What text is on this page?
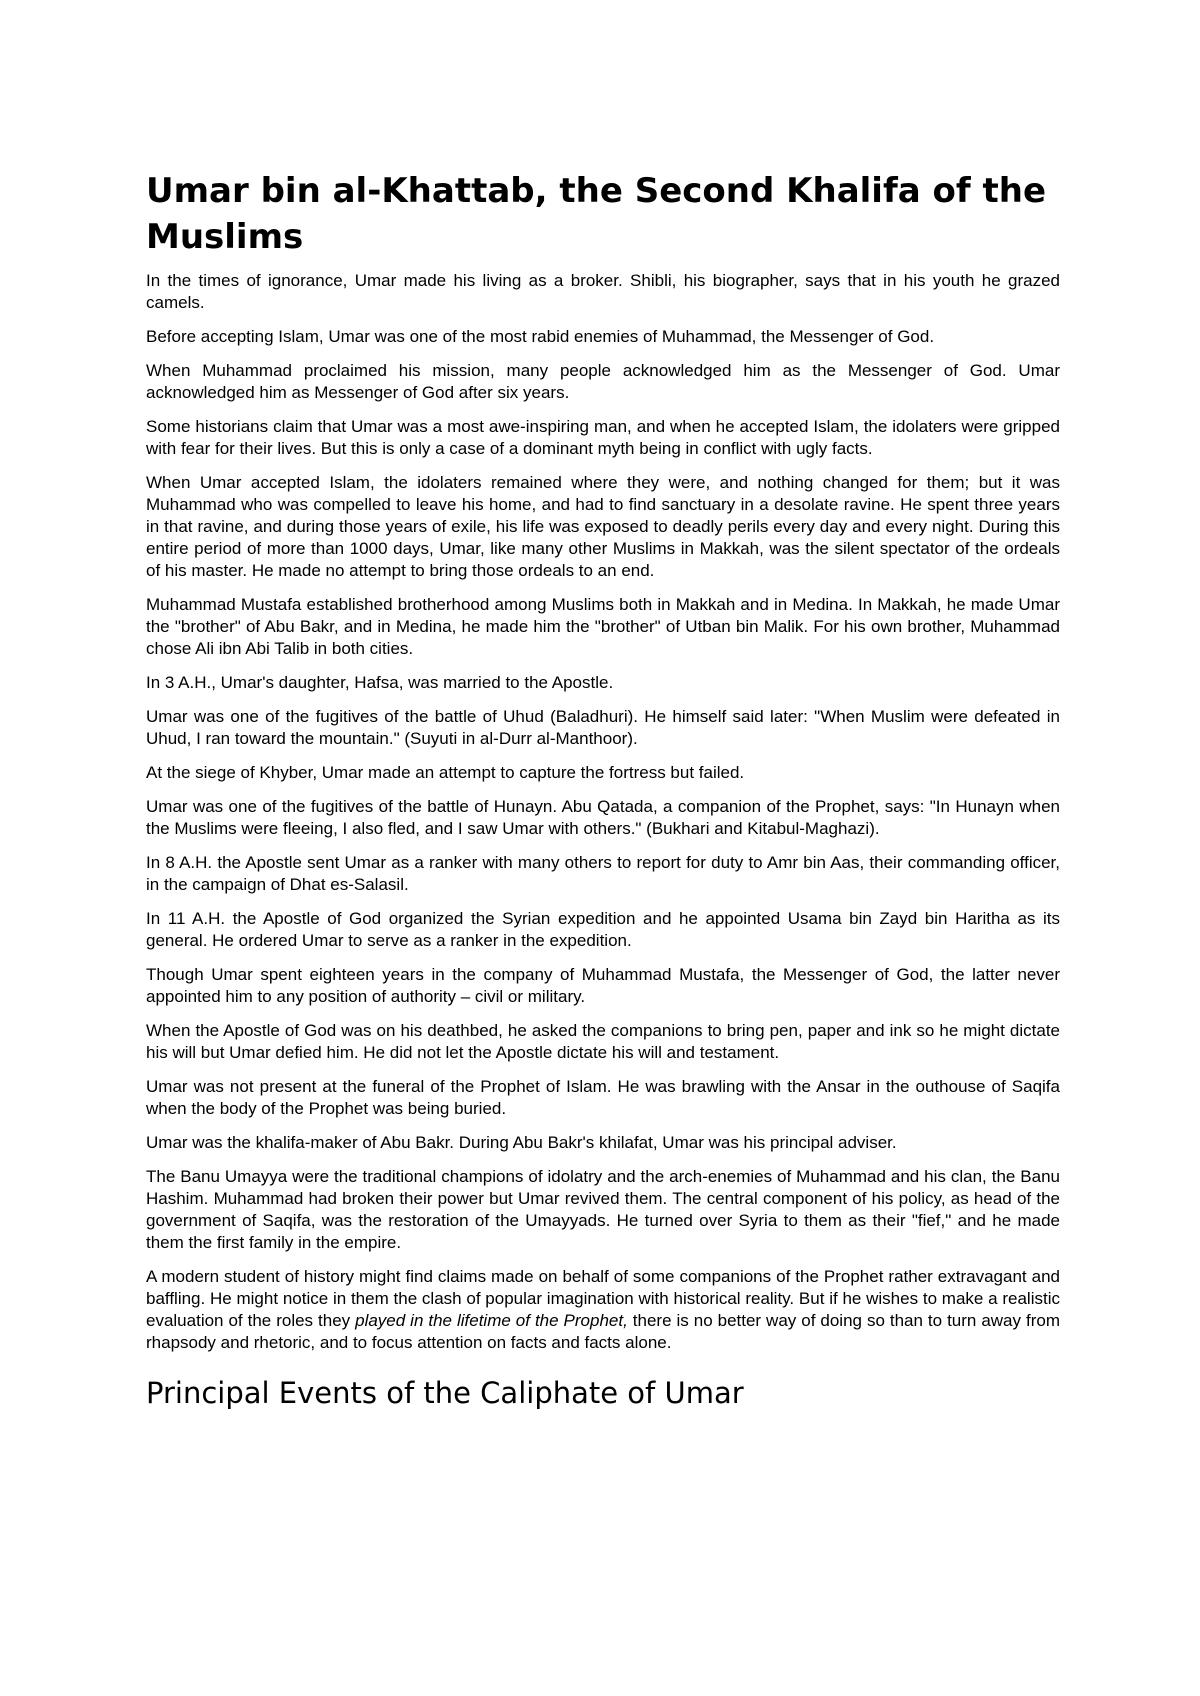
Umar bin al-Khattab, the Second Khalifa of the Muslims

In the times of ignorance, Umar made his living as a broker. Shibli, his biographer, says that in his youth he grazed camels.

Before accepting Islam, Umar was one of the most rabid enemies of Muhammad, the Messenger of God.

When Muhammad proclaimed his mission, many people acknowledged him as the Messenger of God. Umar acknowledged him as Messenger of God after six years.

Some historians claim that Umar was a most awe-inspiring man, and when he accepted Islam, the idolaters were gripped with fear for their lives. But this is only a case of a dominant myth being in conflict with ugly facts.

When Umar accepted Islam, the idolaters remained where they were, and nothing changed for them; but it was Muhammad who was compelled to leave his home, and had to find sanctuary in a desolate ravine. He spent three years in that ravine, and during those years of exile, his life was exposed to deadly perils every day and every night. During this entire period of more than 1000 days, Umar, like many other Muslims in Makkah, was the silent spectator of the ordeals of his master. He made no attempt to bring those ordeals to an end.

Muhammad Mustafa established brotherhood among Muslims both in Makkah and in Medina. In Makkah, he made Umar the "brother" of Abu Bakr, and in Medina, he made him the "brother" of Utban bin Malik. For his own brother, Muhammad chose Ali ibn Abi Talib in both cities.

In 3 A.H., Umar's daughter, Hafsa, was married to the Apostle.

Umar was one of the fugitives of the battle of Uhud (Baladhuri). He himself said later: "When Muslim were defeated in Uhud, I ran toward the mountain." (Suyuti in al-Durr al-Manthoor).

At the siege of Khyber, Umar made an attempt to capture the fortress but failed.

Umar was one of the fugitives of the battle of Hunayn. Abu Qatada, a companion of the Prophet, says: "In Hunayn when the Muslims were fleeing, I also fled, and I saw Umar with others." (Bukhari and Kitabul-Maghazi).

In 8 A.H. the Apostle sent Umar as a ranker with many others to report for duty to Amr bin Aas, their commanding officer, in the campaign of Dhat es-Salasil.

In 11 A.H. the Apostle of God organized the Syrian expedition and he appointed Usama bin Zayd bin Haritha as its general. He ordered Umar to serve as a ranker in the expedition.

Though Umar spent eighteen years in the company of Muhammad Mustafa, the Messenger of God, the latter never appointed him to any position of authority – civil or military.

When the Apostle of God was on his deathbed, he asked the companions to bring pen, paper and ink so he might dictate his will but Umar defied him. He did not let the Apostle dictate his will and testament.

Umar was not present at the funeral of the Prophet of Islam. He was brawling with the Ansar in the outhouse of Saqifa when the body of the Prophet was being buried.

Umar was the khalifa-maker of Abu Bakr. During Abu Bakr's khilafat, Umar was his principal adviser.

The Banu Umayya were the traditional champions of idolatry and the arch-enemies of Muhammad and his clan, the Banu Hashim. Muhammad had broken their power but Umar revived them. The central component of his policy, as head of the government of Saqifa, was the restoration of the Umayyads. He turned over Syria to them as their "fief," and he made them the first family in the empire.

A modern student of history might find claims made on behalf of some companions of the Prophet rather extravagant and baffling. He might notice in them the clash of popular imagination with historical reality. But if he wishes to make a realistic evaluation of the roles they played in the lifetime of the Prophet, there is no better way of doing so than to turn away from rhapsody and rhetoric, and to focus attention on facts and facts alone.

Principal Events of the Caliphate of Umar
